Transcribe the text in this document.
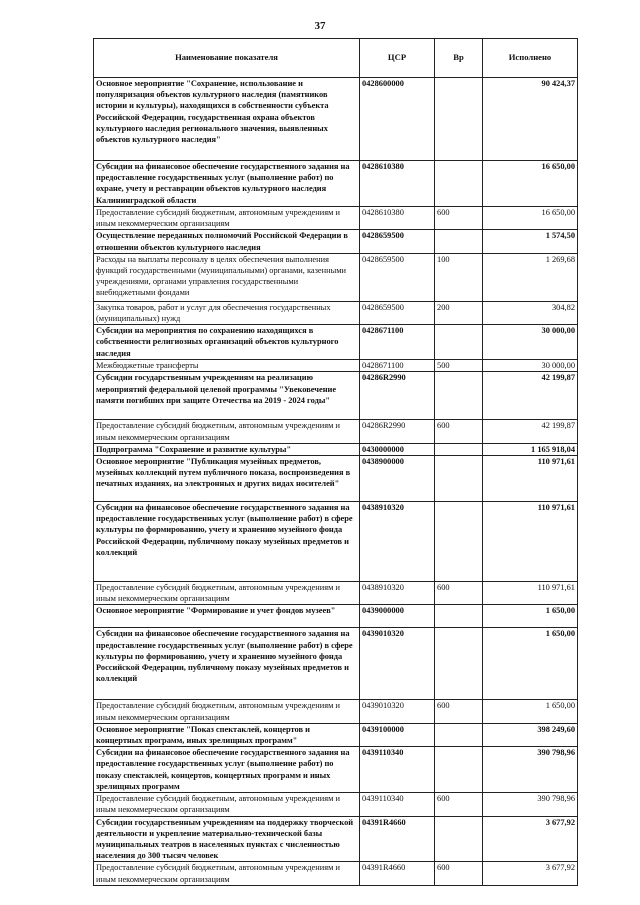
37
Наименование показателя	ЦСР	Вр	Исполнено
Основное мероприятие "Сохранение, использование и популяризация объектов культурного наследия (памятников истории и культуры), находящихся в собственности субъекта Российской Федерации, государственная охрана объектов культурного наследия регионального значения, выявленных объектов культурного наследия"	0428600000		90 424,37
Субсидии на финансовое обеспечение государственного задания на предоставление государственных услуг (выполнение работ) по охране, учету и реставрации объектов культурного наследия Калининградской области	0428610380		16 650,00
Предоставление субсидий бюджетным, автономным учреждениям и иным некоммерческим организациям	0428610380	600	16 650,00
Осуществление переданных полномочий Российской Федерации в отношении объектов культурного наследия	0428659500		1 574,50
Расходы на выплаты персоналу в целях обеспечения выполнения функций государственными (муниципальными) органами, казенными учреждениями, органами управления государственными внебюджетными фондами	0428659500	100	1 269,68
Закупка товаров, работ и услуг для обеспечения государственных (муниципальных) нужд	0428659500	200	304,82
Субсидии на мероприятия по сохранению находящихся в собственности религиозных организаций объектов культурного наследия	0428671100		30 000,00
Межбюджетные трансферты	0428671100	500	30 000,00
Субсидии государственным учреждениям на реализацию мероприятий федеральной целевой программы "Увековечение памяти погибших при защите Отечества на 2019 - 2024 годы"	04286R2990		42 199,87
Предоставление субсидий бюджетным, автономным учреждениям и иным некоммерческим организациям	04286R2990	600	42 199,87
Подпрограмма "Сохранение и развитие культуры"	0430000000		1 165 918,04
Основное мероприятие "Публикация музейных предметов, музейных коллекций путем публичного показа, воспроизведения в печатных изданиях, на электронных и других видах носителей"	0438900000		110 971,61
Субсидии на финансовое обеспечение государственного задания на предоставление государственных услуг (выполнение работ) в сфере культуры по формированию, учету и хранению музейного фонда Российской Федерации, публичному показу музейных предметов и коллекций	0438910320		110 971,61
Предоставление субсидий бюджетным, автономным учреждениям и иным некоммерческим организациям	0438910320	600	110 971,61
Основное мероприятие "Формирование и учет фондов музеев"	0439000000		1 650,00
Субсидии на финансовое обеспечение государственного задания на предоставление государственных услуг (выполнение работ) в сфере культуры по формированию, учету и хранению музейного фонда Российской Федерации, публичному показу музейных предметов и коллекций	0439010320		1 650,00
Предоставление субсидий бюджетным, автономным учреждениям и иным некоммерческим организациям	0439010320	600	1 650,00
Основное мероприятие "Показ спектаклей, концертов и концертных программ, иных зрелищных программ"	0439100000		398 249,60
Субсидии на финансовое обеспечение государственного задания на предоставление государственных услуг (выполнение работ) по показу спектаклей, концертов, концертных программ и иных зрелищных программ	0439110340		390 798,96
Предоставление субсидий бюджетным, автономным учреждениям и иным некоммерческим организациям	0439110340	600	390 798,96
Субсидии государственным учреждениям на поддержку творческой деятельности и укрепление материально-технической базы муниципальных театров в населенных пунктах с численностью населения до 300 тысяч человек	04391R4660		3 677,92
Предоставление субсидий бюджетным, автономным учреждениям и иным некоммерческим организациям	04391R4660	600	3 677,92
